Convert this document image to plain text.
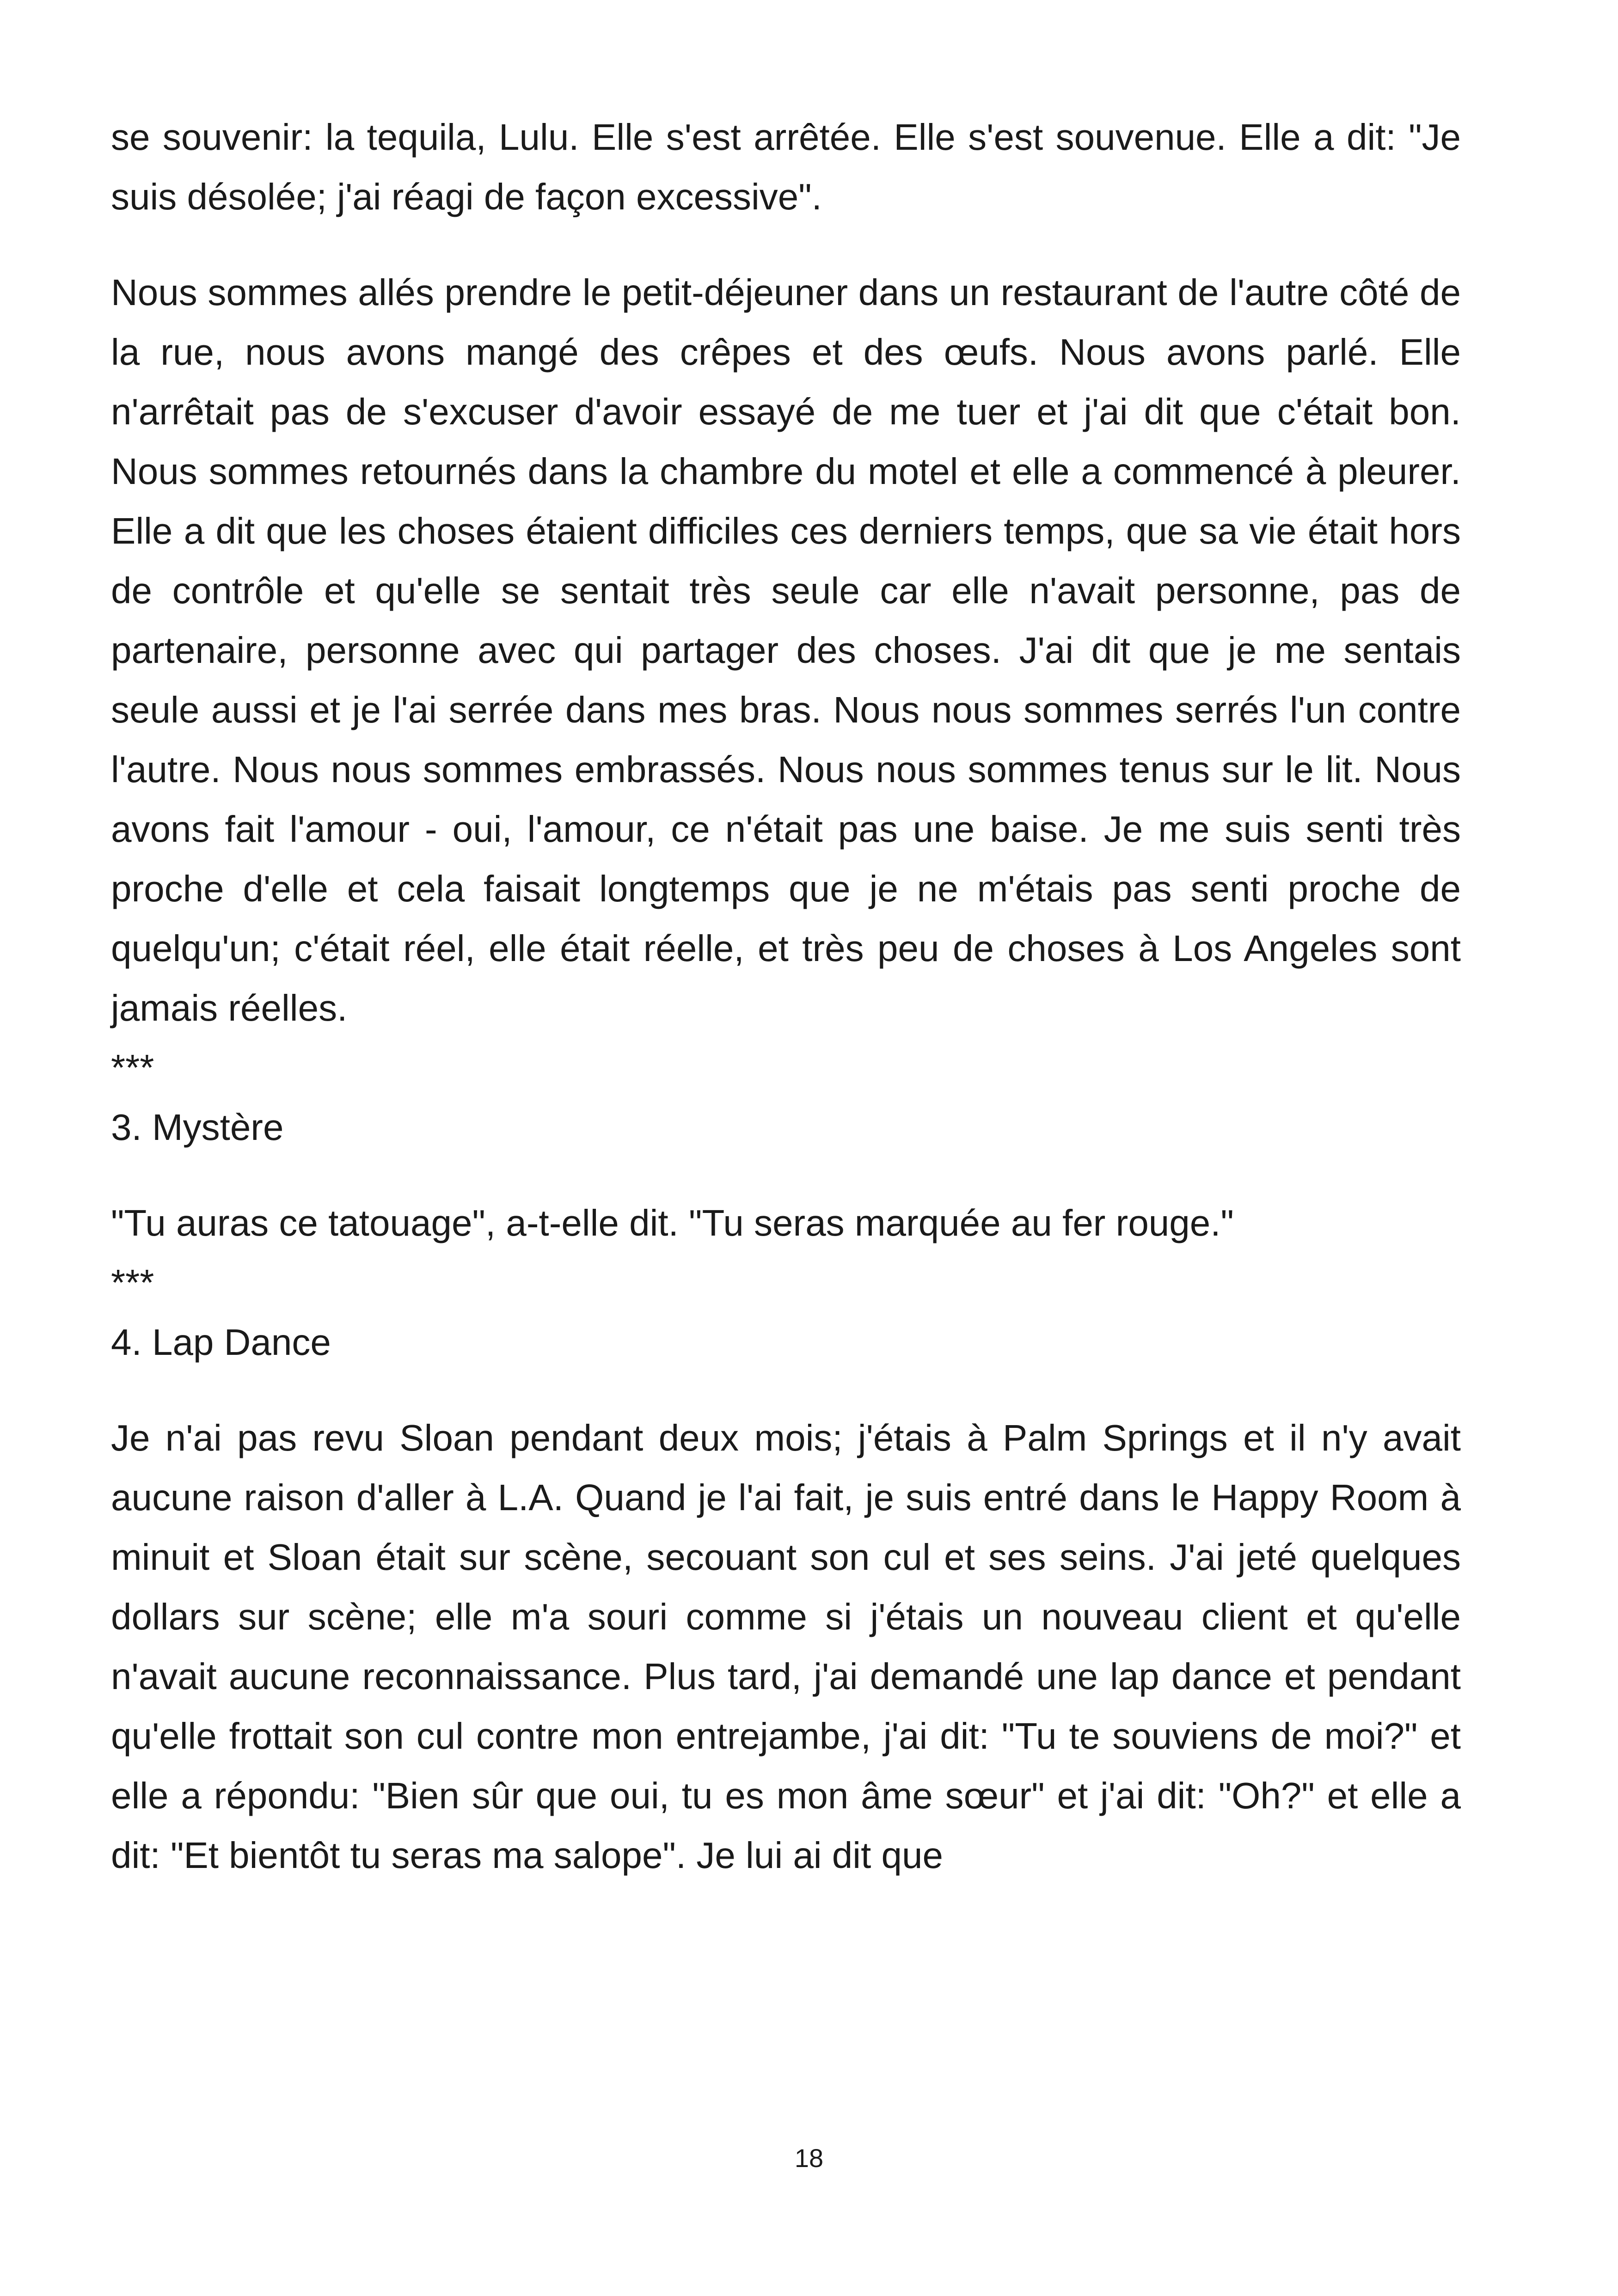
se souvenir: la tequila, Lulu. Elle s'est arrêtée. Elle s'est souvenue. Elle a dit: "Je suis désolée; j'ai réagi de façon excessive".

Nous sommes allés prendre le petit-déjeuner dans un restaurant de l'autre côté de la rue, nous avons mangé des crêpes et des œufs. Nous avons parlé. Elle n'arrêtait pas de s'excuser d'avoir essayé de me tuer et j'ai dit que c'était bon. Nous sommes retournés dans la chambre du motel et elle a commencé à pleurer. Elle a dit que les choses étaient difficiles ces derniers temps, que sa vie était hors de contrôle et qu'elle se sentait très seule car elle n'avait personne, pas de partenaire, personne avec qui partager des choses. J'ai dit que je me sentais seule aussi et je l'ai serrée dans mes bras. Nous nous sommes serrés l'un contre l'autre. Nous nous sommes embrassés. Nous nous sommes tenus sur le lit. Nous avons fait l'amour - oui, l'amour, ce n'était pas une baise. Je me suis senti très proche d'elle et cela faisait longtemps que je ne m'étais pas senti proche de quelqu'un; c'était réel, elle était réelle, et très peu de choses à Los Angeles sont jamais réelles.

***

3. Mystère

"Tu auras ce tatouage", a-t-elle dit. "Tu seras marquée au fer rouge."

***

4. Lap Dance

Je n'ai pas revu Sloan pendant deux mois; j'étais à Palm Springs et il n'y avait aucune raison d'aller à L.A. Quand je l'ai fait, je suis entré dans le Happy Room à minuit et Sloan était sur scène, secouant son cul et ses seins. J'ai jeté quelques dollars sur scène; elle m'a souri comme si j'étais un nouveau client et qu'elle n'avait aucune reconnaissance. Plus tard, j'ai demandé une lap dance et pendant qu'elle frottait son cul contre mon entrejambe, j'ai dit: "Tu te souviens de moi?" et elle a répondu: "Bien sûr que oui, tu es mon âme sœur" et j'ai dit: "Oh?" et elle a dit: "Et bientôt tu seras ma salope". Je lui ai dit que

18
